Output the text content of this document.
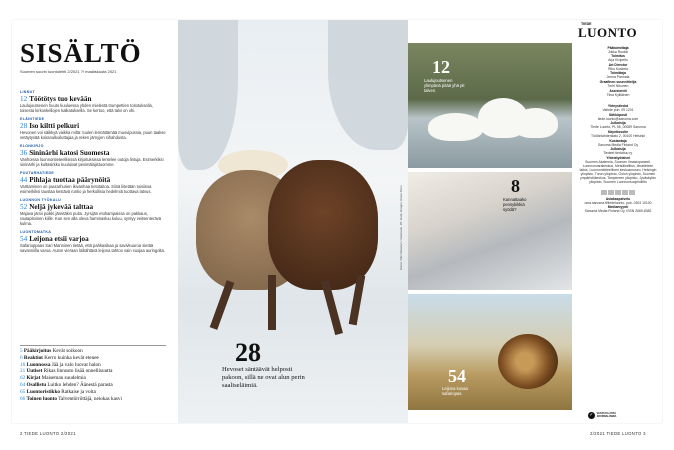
SISÄLTÖ
Suomen suurin luontolehti 2/2021 ?/ maaliskuuta 2021
LINNUT
12 Töötötys tuo kevään
Laulujoutsenen huuto kuuluessa yhden mielestä trumpettien toitotuksella, toisesta kirkonkellojen kalkatuksella. Se kertoo, että talvi on ohi.
ELÄINTIEDE
28 Iso kiltti pelkuri
Hevonen voi säikkyä vaikka miltä: tuulen lennättämää muovipussia, puun taakse vetäytyvää koiranulkoiluttajaa ja reken järnyjen sihahdusta.
ELONKIRJO
36 Sininärhi katosi Suomesta
Vanhoissa luonnontieteellisissä kirjoituksissa lenteleе outoja lintuja. Esimerkiksi sininärhi ja kultasirkku kuuluivat pesimälajistoomme.
PUUTARHATIEDE
44 Pihlaja tuottaa päärynöitä
Varttaminen on puutarhurien ikivanhaa tietotaitoa. Siinä liitetään toisiinsa esimerkiksi taustaa kestävä runko ja herkullisia hedelmiä tuottava latvus.
LUONNON TYÖKALU
52 Neljä jykevää talttaa
Majava järsii poikki järeitäkin puita. Jyrsijän etuhampaissa on pakkaus, rautapitoinen kiille. Kun sen alla oleva hammasluu kuluu, syntyy veitsenterävä kulma.
LUONTOMATKA
54 Leijona etsii varjoa
Safarioppaas Sari Manninen tietää, että pahkasikaa ja savivkuuroa sietää savanniilla varoa. Auton vieraan löikähtävä leijona tahtoo vain suojaa auringolta.
5 Pääkirjoitus Kevät soikoon
6 Reaktiot Kerro kuinka kevät etenee
16 Luonnossa Jää ja valo luovat halon
21 Uutiset Rikas linnusto lisää onnellisuutta
62 Kirjat Maiseman suudelmia
64 Osallistu Luitko lehden? Äänestä parasta
65 Luontoristikko Ratkaise ja voita
66 Toinen luonto Talventörröttäjä, neiokas kasvi
28
Hevoset säntäävät helposti pakoon, sillä ne ovat alun perin saaliseläimiä.
Kansi: Ville Oksanen / Vastavalo. 28: Getty Images; Kaisa Siren
12
Laulujoutsenen ylimpänä pitää yhä pit talven.
8
Kannattaako pensykikkiä syödä?
54
Leijona kuvaa safariopas.
TIEDE
LUONTO
Päätoimittaja
Jukka Ruukki
Toimitus
Arja Kivipelto
Art Director
Riku Koskela
Toimittaja
Jenna Parmala
Graafinen suunnittelija
Terhi Nikunen
Assistentti
Tiina Kylliäinen
Yhteystiedot
Vaihde puh. 09 1201
Sähköposti
tiede.luonto@sanoma.com
Julkaisija
Tiede Luonto, PL 55, 00089 Sanoma
Käyntiosoite
Töölönlahdenkatu 2, 00100 Helsinki
Kustantaja
Sanoma Media Finland Oy
Julkaisija
Tiedeet tiedottuu ry.
Yhteistyötahot
Suomen Akatemia, Suomen Ilmastopaneeli, Luonnonvarakeskus, Metsähallitus, Ilmatieteen laitos, Luonnontieteellinen keskusmuseo, Helsingin yliopisto, Turun yliopisto, Oulun yliopisto, Suomen ympäristökeskus, Tampereen yliopisto, Jyväskylän yliopisto, Suomen Luonnonsuojeluliitto
Asiakaspalvelu
oma.sanoma.fi/tiedeluonto, puh. 0303 10100
Mediamyynti
Sanoma Media Finland Oy, ISSN 2669-8382
✓	VASTUULLISTA JOURNALISMIA
2 TIEDE LUONTO 2/2021	2/2021 TIEDE LUONTO 3
